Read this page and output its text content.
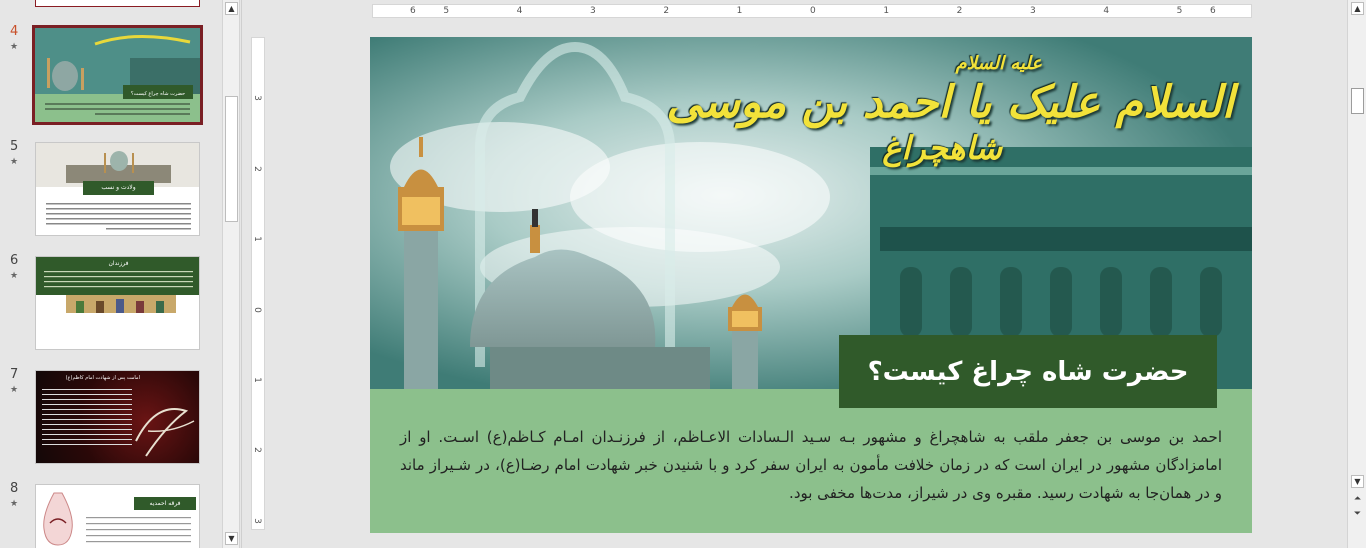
4
★
حضرت شاه چراغ کیست؟
5
★
ولادت و نسب
6
★
فرزندان
7
★
امامت پس از شهادت امام کاظم(ع)
8
★	فرقه احمدیه
▲
▼
6	5	4	3	2	1	0	1	2	3	4	5	6
3
2
1
0
1
2
3
علیه السلام
السلام علیک یا احمد بن موسی
شاهچراغ
حضرت شاه چراغ کیست؟
احمد بن موسی بن جعفر ملقب به شاهچراغ و مشهور بـه سـید الـسادات الاعـاظم، از فرزنـدان امـام کـاظم(ع) اسـت. او از امامزادگان مشهور در ایران است که در زمان خلافت مأمون به ایران سفر کرد و با شنیدن خبر شهادت امام رضـا(ع)، در شـیراز ماند و در همان‌جا به شهادت رسید. مقبره وی در شیراز، مدت‌ها مخفی بود.
▲
▼
⏶
⏷
